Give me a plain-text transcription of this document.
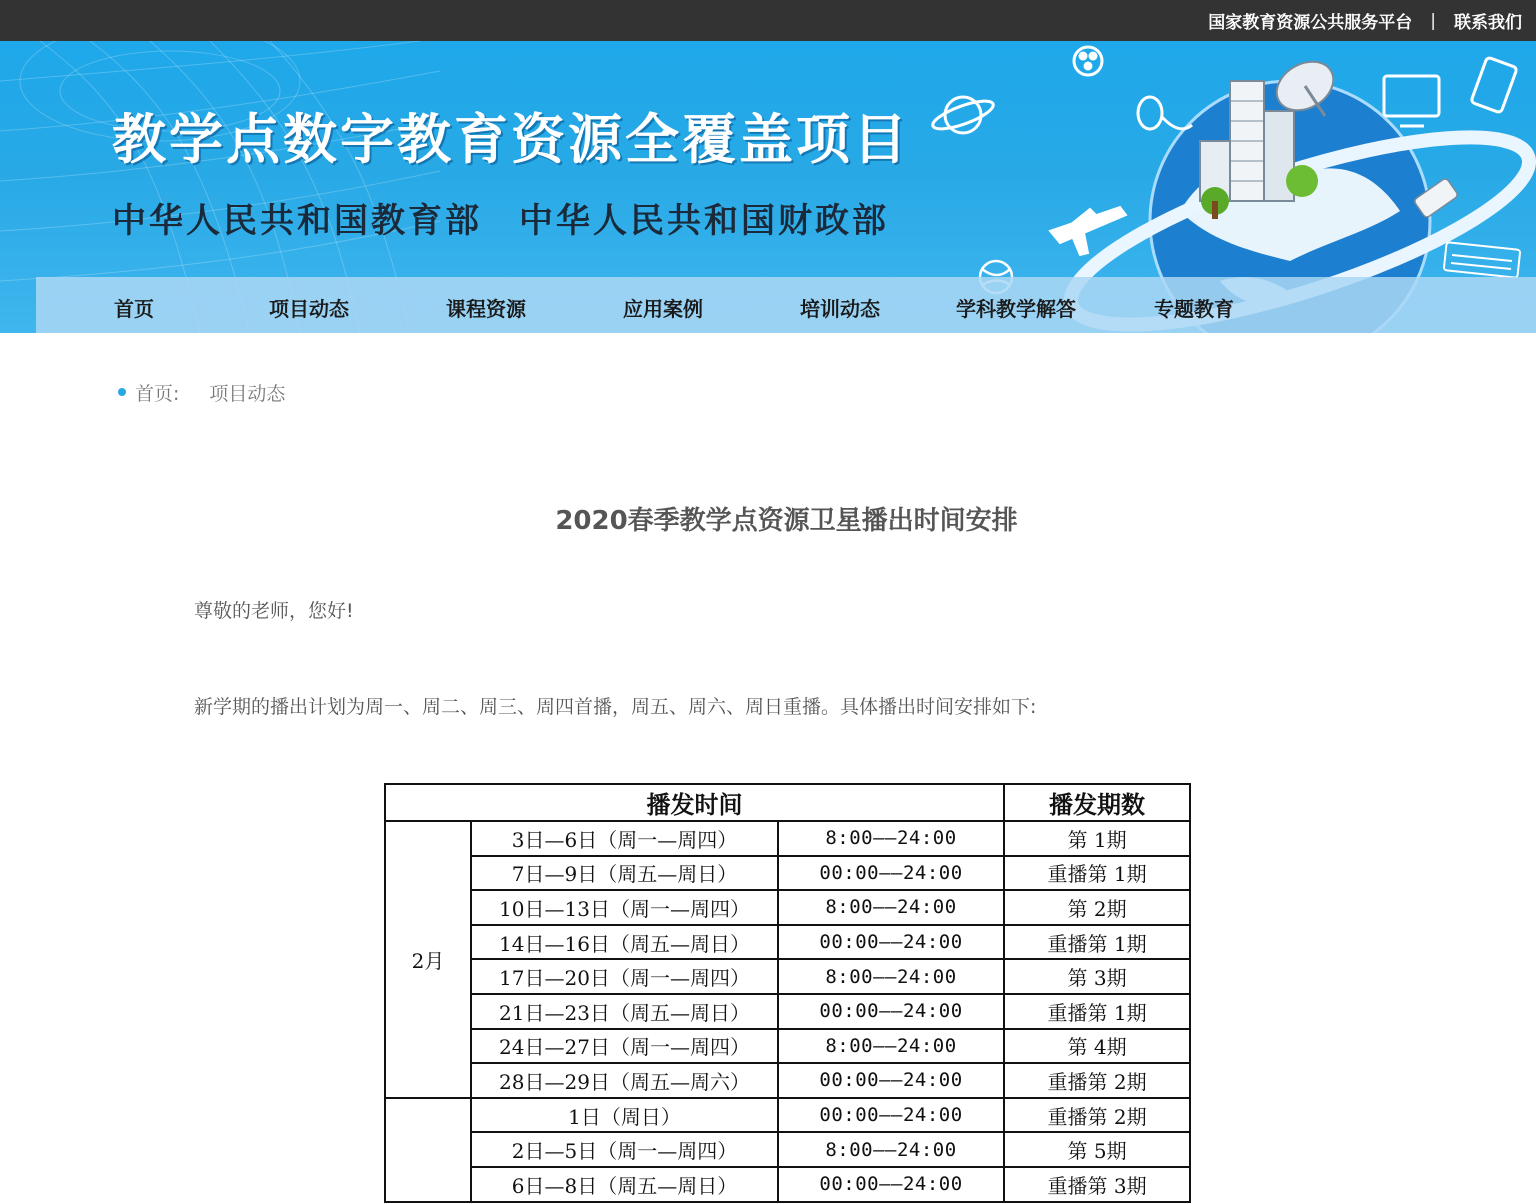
国家教育资源公共服务平台 | 联系我们
教学点数字教育资源全覆盖项目
中华人民共和国教育部　中华人民共和国财政部
首页	项目动态	课程资源	应用案例	培训动态	学科教学解答	专题教育
首页: 项目动态
2020春季教学点资源卫星播出时间安排

尊敬的老师，您好!

新学期的播出计划为周一、周二、周三、周四首播，周五、周六、周日重播。具体播出时间安排如下:

播发时间			播发期数
2月	3日—6日（周一—周四）	8:00——24:00	第 1期
	7日—9日（周五—周日）	00:00——24:00	重播第 1期
	10日—13日（周一—周四）	8:00——24:00	第 2期
	14日—16日（周五—周日）	00:00——24:00	重播第 1期
	17日—20日（周一—周四）	8:00——24:00	第 3期
	21日—23日（周五—周日）	00:00——24:00	重播第 1期
	24日—27日（周一—周四）	8:00——24:00	第 4期
	28日—29日（周五—周六）	00:00——24:00	重播第 2期
	1日（周日）	00:00——24:00	重播第 2期
	2日—5日（周一—周四）	8:00——24:00	第 5期
	6日—8日（周五—周日）	00:00——24:00	重播第 3期
